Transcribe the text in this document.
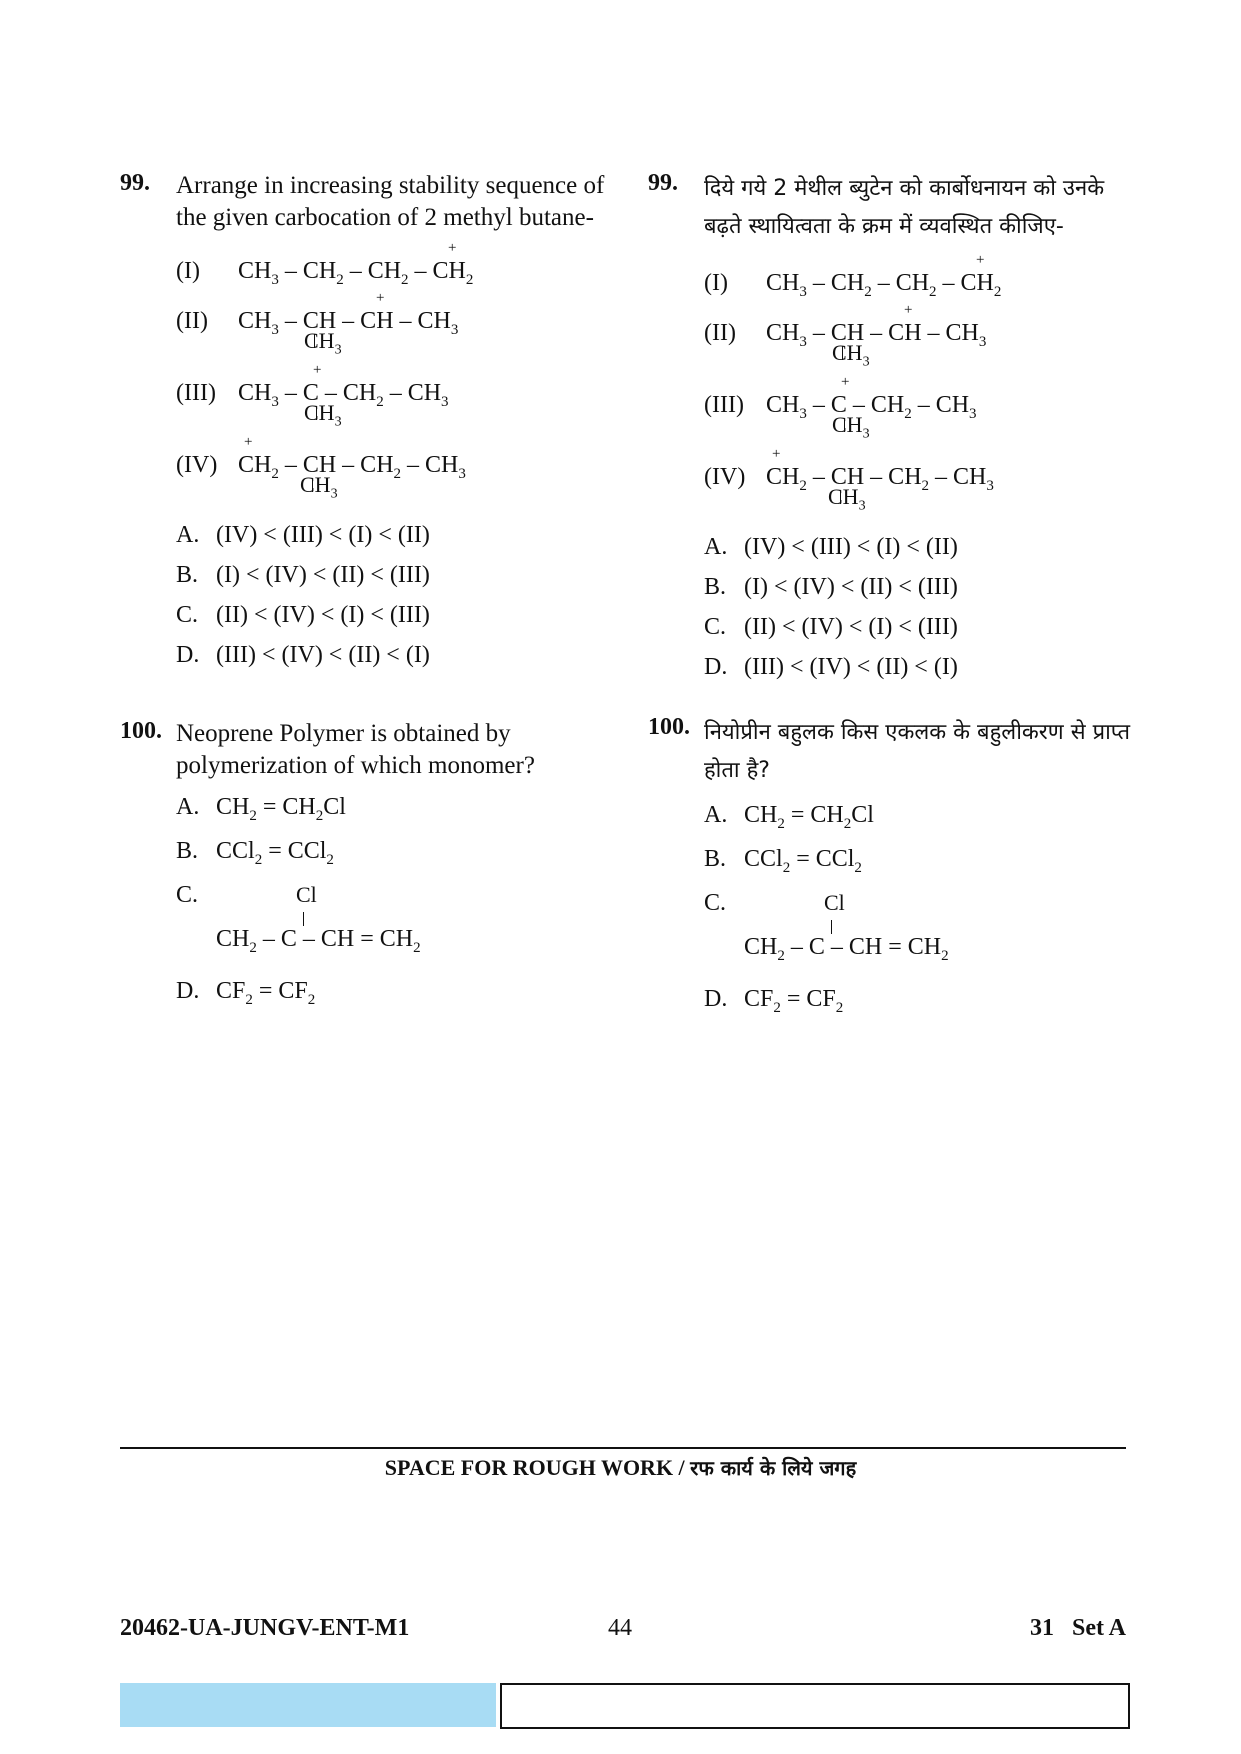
99. Arrange in increasing stability sequence of the given carbocation of 2 methyl butane-
(I) $CH_3 - CH_2 - CH_2 - CH_2$
+
(II) $CH_3$ – CH – CH – $CH_3$
+
$CH_3$
(III) $CH_3$ – C – $CH_2 - CH_3$
+
$CH_3$
(IV) $CH_2$ – CH – $CH_2 - CH_3$
+
$CH_3$
A. (IV) < (III) < (I) < (II)
B. (I) < (IV) < (II) < (III)
C. (II) < (IV) < (I) < (III)
D. (III) < (IV) < (II) < (I)
100. Neoprene Polymer is obtained by polymerization of which monomer?
A. $CH_2 = CH_2Cl$
B. CCl$_2$ = CCl$_2$
C.	Cl
$CH_2$ – C – CH = $CH_2$
D. $CF_2 = CF_2$
99. दिये गये 2 मेथील ब्युटेन को कार्बोधनायन को उनके बढ़ते स्थायित्वता के क्रम में व्यवस्थित कीजिए-
(I) $CH_3 - CH_2 - CH_2 - CH_2$
+
(II) $CH_3$ – CH – CH – $CH_3$
+
$CH_3$
(III) $CH_3$ – C – $CH_2 - CH_3$
+
$CH_3$
(IV) $CH_2$ – CH – $CH_2 - CH_3$
+
$CH_3$
A. (IV) < (III) < (I) < (II)
B. (I) < (IV) < (II) < (III)
C. (II) < (IV) < (I) < (III)
D. (III) < (IV) < (II) < (I)
100. नियोप्रीन बहुलक किस एकलक के बहुलीकरण से प्राप्त होता है?
A. $CH_2 = CH_2Cl$
B. CCl$_2$ = CCl$_2$
C.	Cl
$CH_2$ – C – CH = $CH_2$
D. $CF_2 = CF_2$
SPACE FOR ROUGH WORK / रफ कार्य के लिये जगह
20462-UA-JUNGV-ENT-M1	44	31   Set A
